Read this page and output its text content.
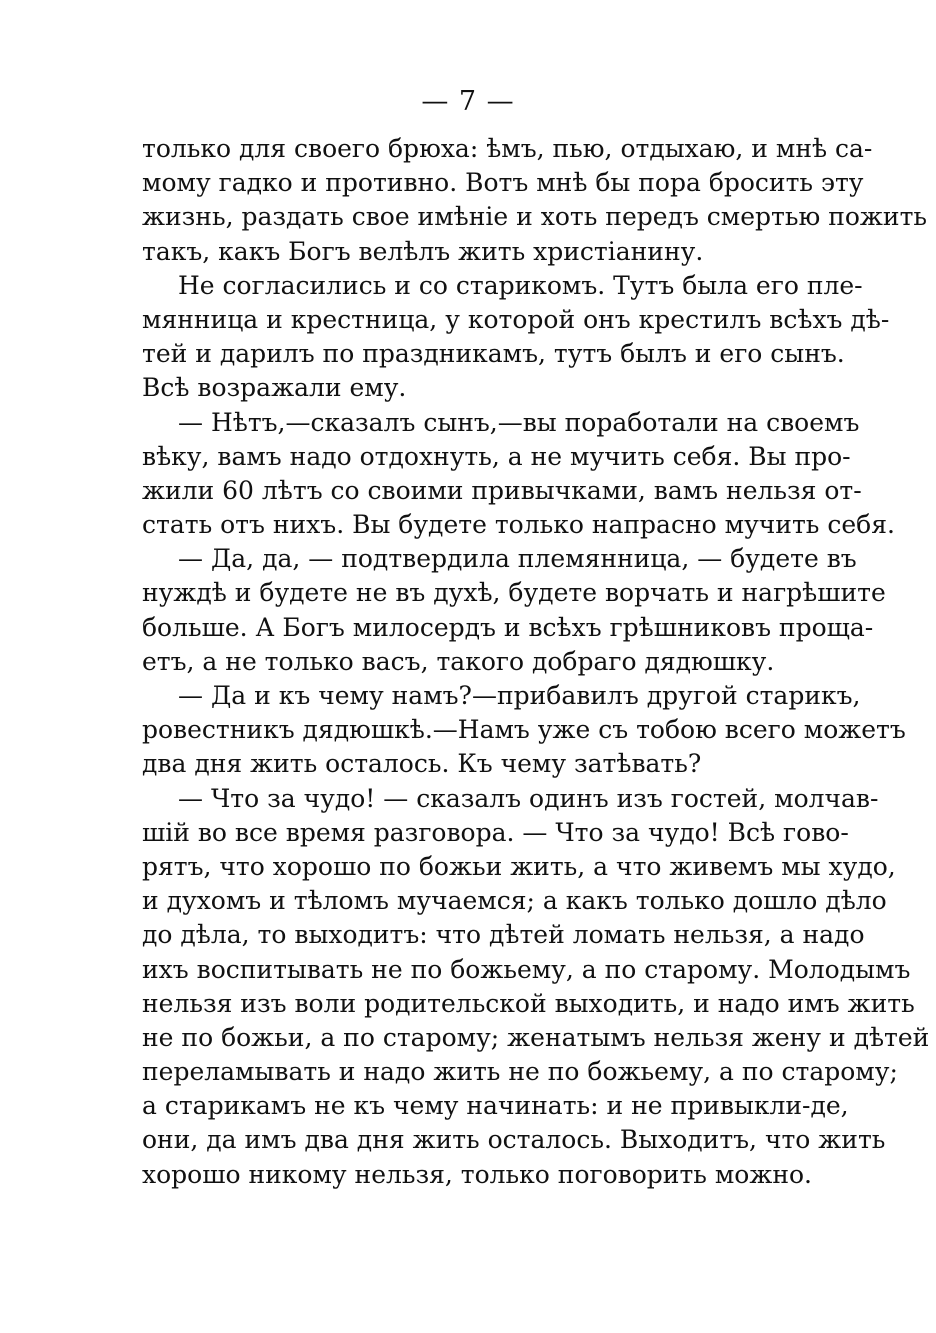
— 7 —
только для своего брюха: ѣмъ, пью, отдыхаю, и мнѣ са-
мому гадко и противно. Вотъ мнѣ бы пора бросить эту
жизнь, раздать свое имѣніе и хоть передъ смертью пожить
такъ, какъ Богъ велѣлъ жить христіанину.
Не согласились и со старикомъ. Тутъ была его пле-
мянница и крестница, у которой онъ крестилъ всѣхъ дѣ-
тей и дарилъ по праздникамъ, тутъ былъ и его сынъ.
Всѣ возражали ему.
— Нѣтъ,—сказалъ сынъ,—вы поработали на своемъ
вѣку, вамъ надо отдохнуть, а не мучить себя. Вы про-
жили 60 лѣтъ со своими привычками, вамъ нельзя от-
стать отъ нихъ. Вы будете только напрасно мучить себя.
— Да, да, — подтвердила племянница, — будете въ
нуждѣ и будете не въ духѣ, будете ворчать и нагрѣшите
больше. А Богъ милосердъ и всѣхъ грѣшниковъ проща-
етъ, а не только васъ, такого добраго дядюшку.
— Да и къ чему намъ?—прибавилъ другой старикъ,
ровестникъ дядюшкѣ.—Намъ уже съ тобою всего можетъ
два дня жить осталось. Къ чему затѣвать?
— Что за чудо! — сказалъ одинъ изъ гостей, молчав-
шій во все время разговора. — Что за чудо! Всѣ гово-
рятъ, что хорошо по божьи жить, а что живемъ мы худо,
и духомъ и тѣломъ мучаемся; а какъ только дошло дѣло
до дѣла, то выходитъ: что дѣтей ломать нельзя, а надо
ихъ воспитывать не по божьему, а по старому. Молодымъ
нельзя изъ воли родительской выходить, и надо имъ жить
не по божьи, а по старому; женатымъ нельзя жену и дѣтей
переламывать и надо жить не по божьему, а по старому;
а старикамъ не къ чему начинать: и не привыкли-де,
они, да имъ два дня жить осталось. Выходитъ, что жить
хорошо никому нельзя, только поговорить можно.
